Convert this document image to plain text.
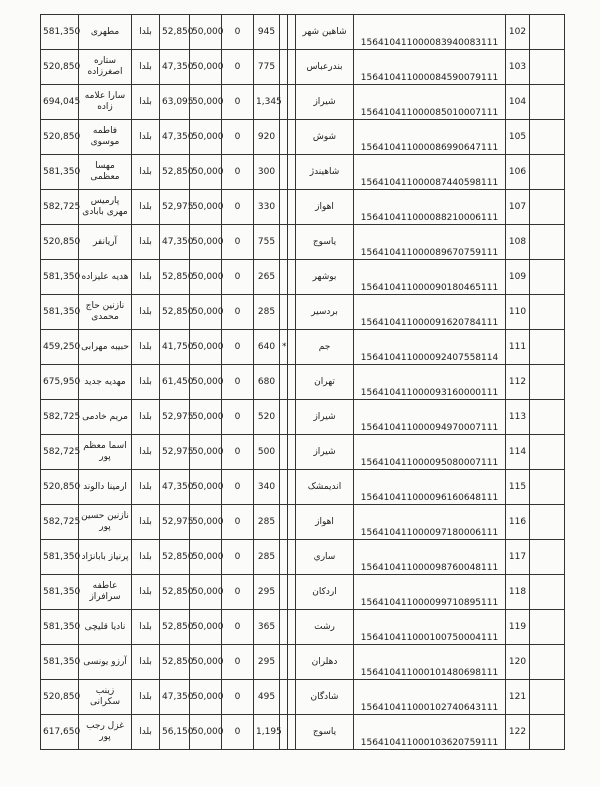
581,350	مطهری	بلدا	52,850	50,000	0	945			شاهین شهر	156410411000083940083111	102	
520,850	ستاره اصغرزاده	بلدا	47,350	50,000	0	775			بندرعباس	156410411000084590079111	103	
694,045	سارا علامه زاده	بلدا	63,095	50,000	0	1,345			شیراز	156410411000085010007111	104	
520,850	فاطمه موسوی	بلدا	47,350	50,000	0	920			شوش	156410411000086990647111	105	
581,350	مهسا معظمی	بلدا	52,850	50,000	0	300			شاهیندژ	156410411000087440598111	106	
582,725	پارمیس مهری بابادی	بلدا	52,975	50,000	0	330			اهواز	156410411000088210006111	107	
520,850	آریانفر	بلدا	47,350	50,000	0	755			یاسوج	156410411000089670759111	108	
581,350	هدیه علیزاده	بلدا	52,850	50,000	0	265			بوشهر	156410411000090180465111	109	
581,350	نازنین حاج محمدی	بلدا	52,850	50,000	0	285			بردسیر	156410411000091620784111	110	
459,250	حبیبه مهرابی	بلدا	41,750	50,000	0	640	*		جم	156410411000092407558114	111	
675,950	مهدیه جدید	بلدا	61,450	50,000	0	680			تهران	156410411000093160000111	112	
582,725	مریم خادمی	بلدا	52,975	50,000	0	520			شیراز	156410411000094970007111	113	
582,725	اسما معظم پور	بلدا	52,975	50,000	0	500			شیراز	156410411000095080007111	114	
520,850	ارمینا دالوند	بلدا	47,350	50,000	0	340			اندیمشک	156410411000096160648111	115	
582,725	نازنین حسین پور	بلدا	52,975	50,000	0	285			اهواز	156410411000097180006111	116	
581,350	پرنیاز بابانژاد	بلدا	52,850	50,000	0	285			ساري	156410411000098760048111	117	
581,350	عاطفه سرافراز	بلدا	52,850	50,000	0	295			اردکان	156410411000099710895111	118	
581,350	نادیا قلیچی	بلدا	52,850	50,000	0	365			رشت	156410411000100750004111	119	
581,350	آرزو یونسی	بلدا	52,850	50,000	0	295			دهلران	156410411000101480698111	120	
520,850	زینب سکرانی	بلدا	47,350	50,000	0	495			شادگان	156410411000102740643111	121	
617,650	غزل رجب پور	بلدا	56,150	50,000	0	1,195			یاسوج	156410411000103620759111	122	
